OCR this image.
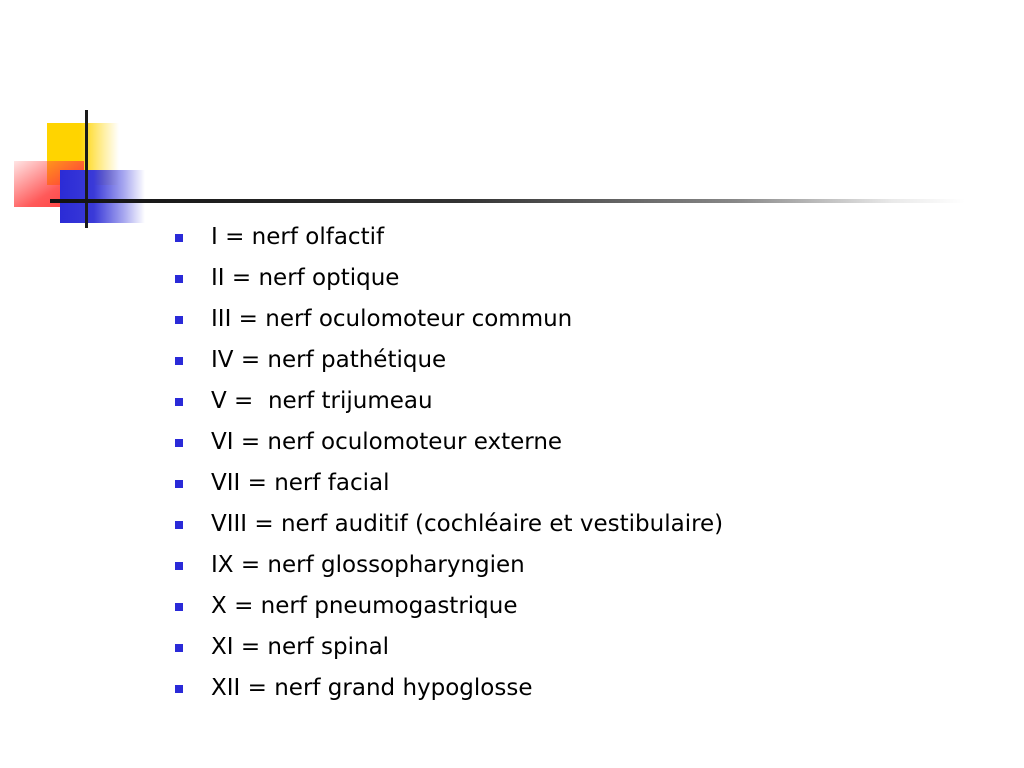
I = nerf olfactif
II = nerf optique
III = nerf oculomoteur commun
IV = nerf pathétique
V =  nerf trijumeau
VI = nerf oculomoteur externe
VII = nerf facial
VIII = nerf auditif (cochléaire et vestibulaire)
IX = nerf glossopharyngien
X = nerf pneumogastrique
XI = nerf spinal
XII = nerf grand hypoglosse
